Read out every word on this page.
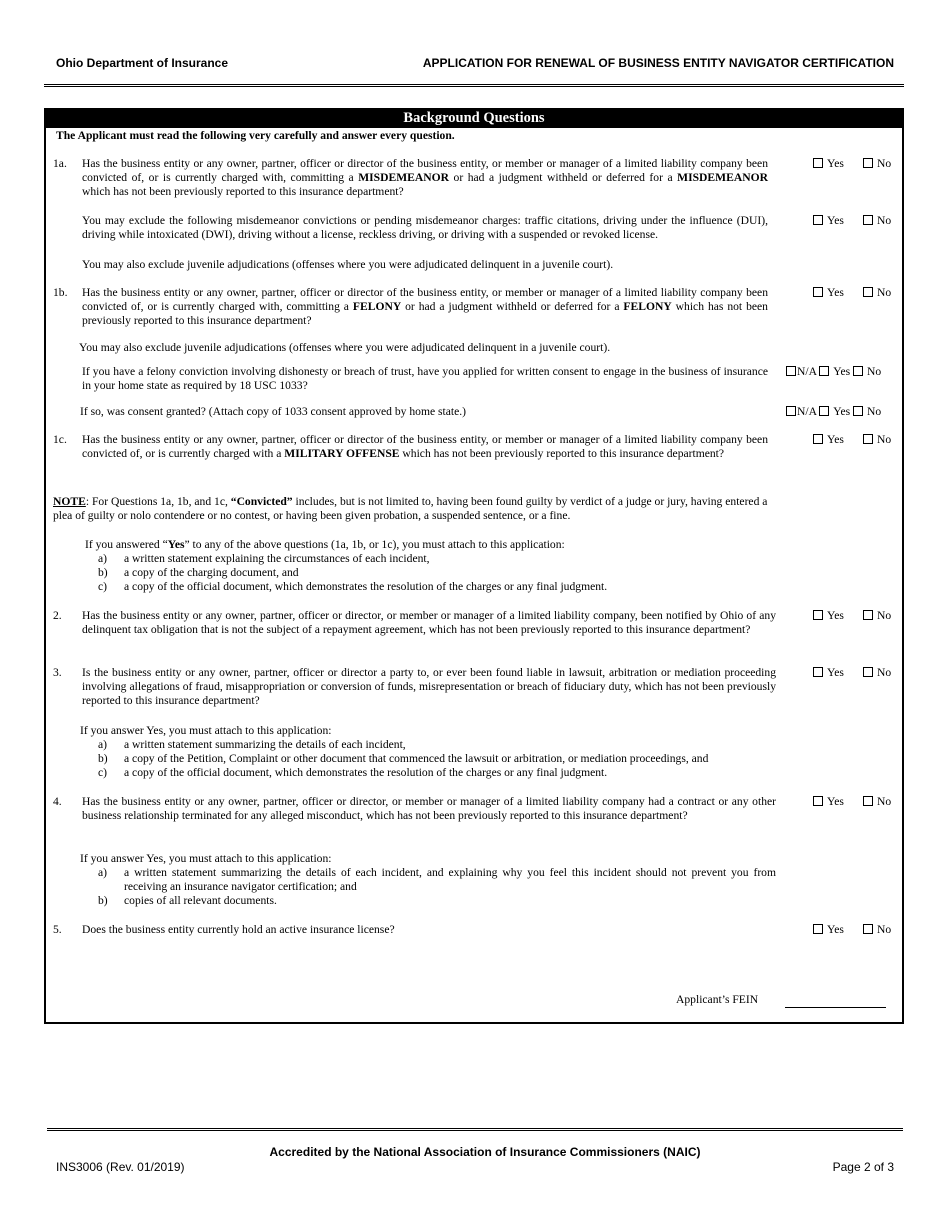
Ohio Department of Insurance	APPLICATION FOR RENEWAL OF BUSINESS ENTITY NAVIGATOR CERTIFICATION
Background Questions
The Applicant must read the following very carefully and answer every question.
1a. Has the business entity or any owner, partner, officer or director of the business entity, or member or manager of a limited liability company been convicted of, or is currently charged with, committing a MISDEMEANOR or had a judgment withheld or deferred for a MISDEMEANOR which has not been previously reported to this insurance department?
Yes	No
You may exclude the following misdemeanor convictions or pending misdemeanor charges: traffic citations, driving under the influence (DUI), driving while intoxicated (DWI), driving without a license, reckless driving, or driving with a suspended or revoked license.
Yes	No
You may also exclude juvenile adjudications (offenses where you were adjudicated delinquent in a juvenile court).
1b. Has the business entity or any owner, partner, officer or director of the business entity, or member or manager of a limited liability company been convicted of, or is currently charged with, committing a FELONY or had a judgment withheld or deferred for a FELONY which has not been previously reported to this insurance department?
Yes	No
You may also exclude juvenile adjudications (offenses where you were adjudicated delinquent in a juvenile court).
If you have a felony conviction involving dishonesty or breach of trust, have you applied for written consent to engage in the business of insurance in your home state as required by 18 USC 1033?
N/A Yes No
If so, was consent granted? (Attach copy of 1033 consent approved by home state.)	N/A Yes No
1c. Has the business entity or any owner, partner, officer or director of the business entity, or member or manager of a limited liability company been convicted of, or is currently charged with a MILITARY OFFENSE which has not been previously reported to this insurance department?
Yes	No
NOTE: For Questions 1a, 1b, and 1c, “Convicted” includes, but is not limited to, having been found guilty by verdict of a judge or jury, having entered a plea of guilty or nolo contendere or no contest, or having been given probation, a suspended sentence, or a fine.

If you answered “Yes” to any of the above questions (1a, 1b, or 1c), you must attach to this application:

a) a written statement explaining the circumstances of each incident,
b) a copy of the charging document, and
c) a copy of the official document, which demonstrates the resolution of the charges or any final judgment.
2. Has the business entity or any owner, partner, officer or director, or member or manager of a limited liability company, been notified by Ohio of any delinquent tax obligation that is not the subject of a repayment agreement, which has not been previously reported to this insurance department?
Yes	No
3. Is the business entity or any owner, partner, officer or director a party to, or ever been found liable in lawsuit, arbitration or mediation proceeding involving allegations of fraud, misappropriation or conversion of funds, misrepresentation or breach of fiduciary duty, which has not been previously reported to this insurance department?
Yes	No
If you answer Yes, you must attach to this application:
a) a written statement summarizing the details of each incident,
b) a copy of the Petition, Complaint or other document that commenced the lawsuit or arbitration, or mediation proceedings, and
c) a copy of the official document, which demonstrates the resolution of the charges or any final judgment.
4. Has the business entity or any owner, partner, officer or director, or member or manager of a limited liability company had a contract or any other business relationship terminated for any alleged misconduct, which has not been previously reported to this insurance department?
Yes	No
If you answer Yes, you must attach to this application:
a) a written statement summarizing the details of each incident, and explaining why you feel this incident should not prevent you from receiving an insurance navigator certification; and
b) copies of all relevant documents.
5. Does the business entity currently hold an active insurance license?	Yes	No
Applicant’s FEIN
Accredited by the National Association of Insurance Commissioners (NAIC)
INS3006 (Rev. 01/2019)	Page 2 of 3
